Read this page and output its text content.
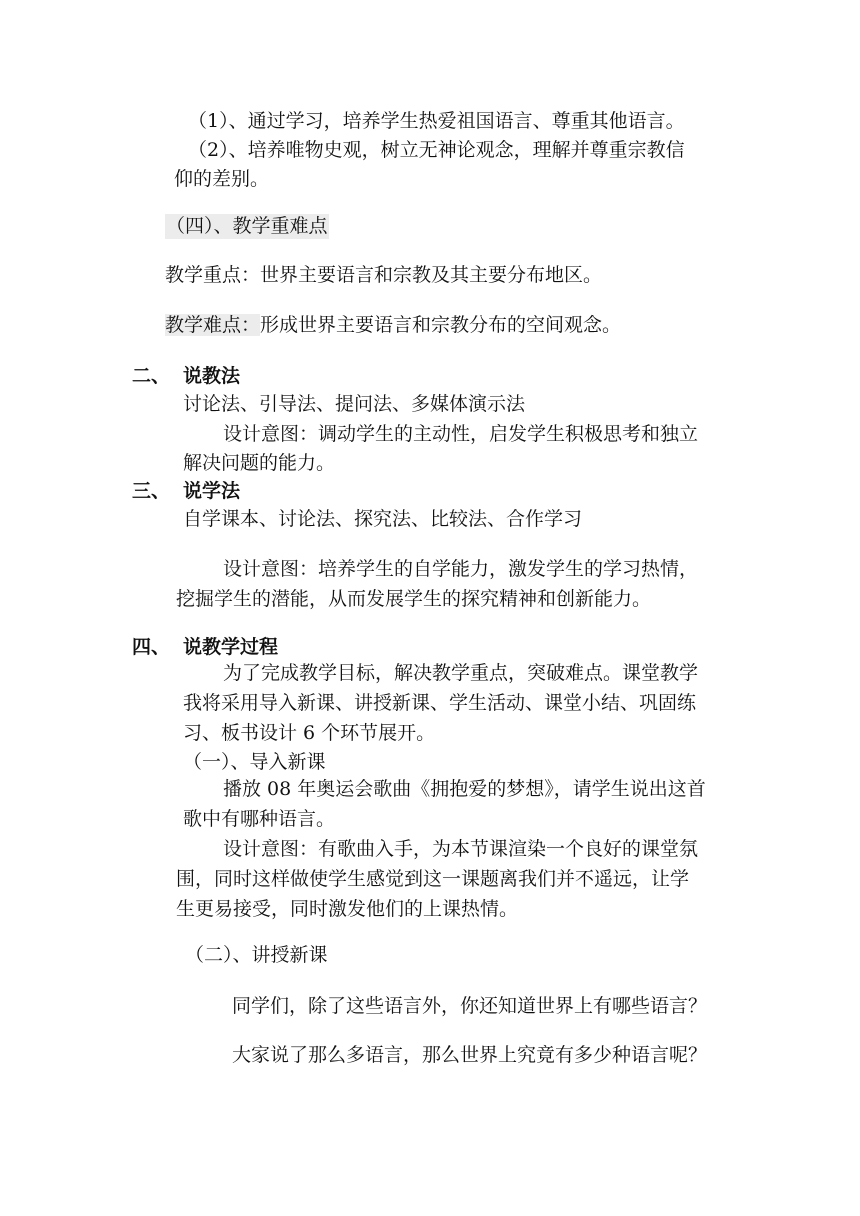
（1）、通过学习，培养学生热爱祖国语言、尊重其他语言。
（2）、培养唯物史观，树立无神论观念，理解并尊重宗教信
仰的差别。
（四）、教学重难点
教学重点：世界主要语言和宗教及其主要分布地区。
教学难点：形成世界主要语言和宗教分布的空间观念。
二、 说教法
讨论法、引导法、提问法、多媒体演示法
设计意图：调动学生的主动性，启发学生积极思考和独立
解决问题的能力。
三、 说学法
自学课本、讨论法、探究法、比较法、合作学习
设计意图：培养学生的自学能力，激发学生的学习热情，
挖掘学生的潜能，从而发展学生的探究精神和创新能力。
四、 说教学过程
为了完成教学目标，解决教学重点，突破难点。课堂教学
我将采用导入新课、讲授新课、学生活动、课堂小结、巩固练
习、板书设计 6 个环节展开。
（一）、导入新课
播放 08 年奥运会歌曲《拥抱爱的梦想》，请学生说出这首
歌中有哪种语言。
设计意图：有歌曲入手，为本节课渲染一个良好的课堂氛
围，同时这样做使学生感觉到这一课题离我们并不遥远，让学
生更易接受，同时激发他们的上课热情。
（二）、讲授新课
同学们，除了这些语言外，你还知道世界上有哪些语言？
大家说了那么多语言，那么世界上究竟有多少种语言呢？
